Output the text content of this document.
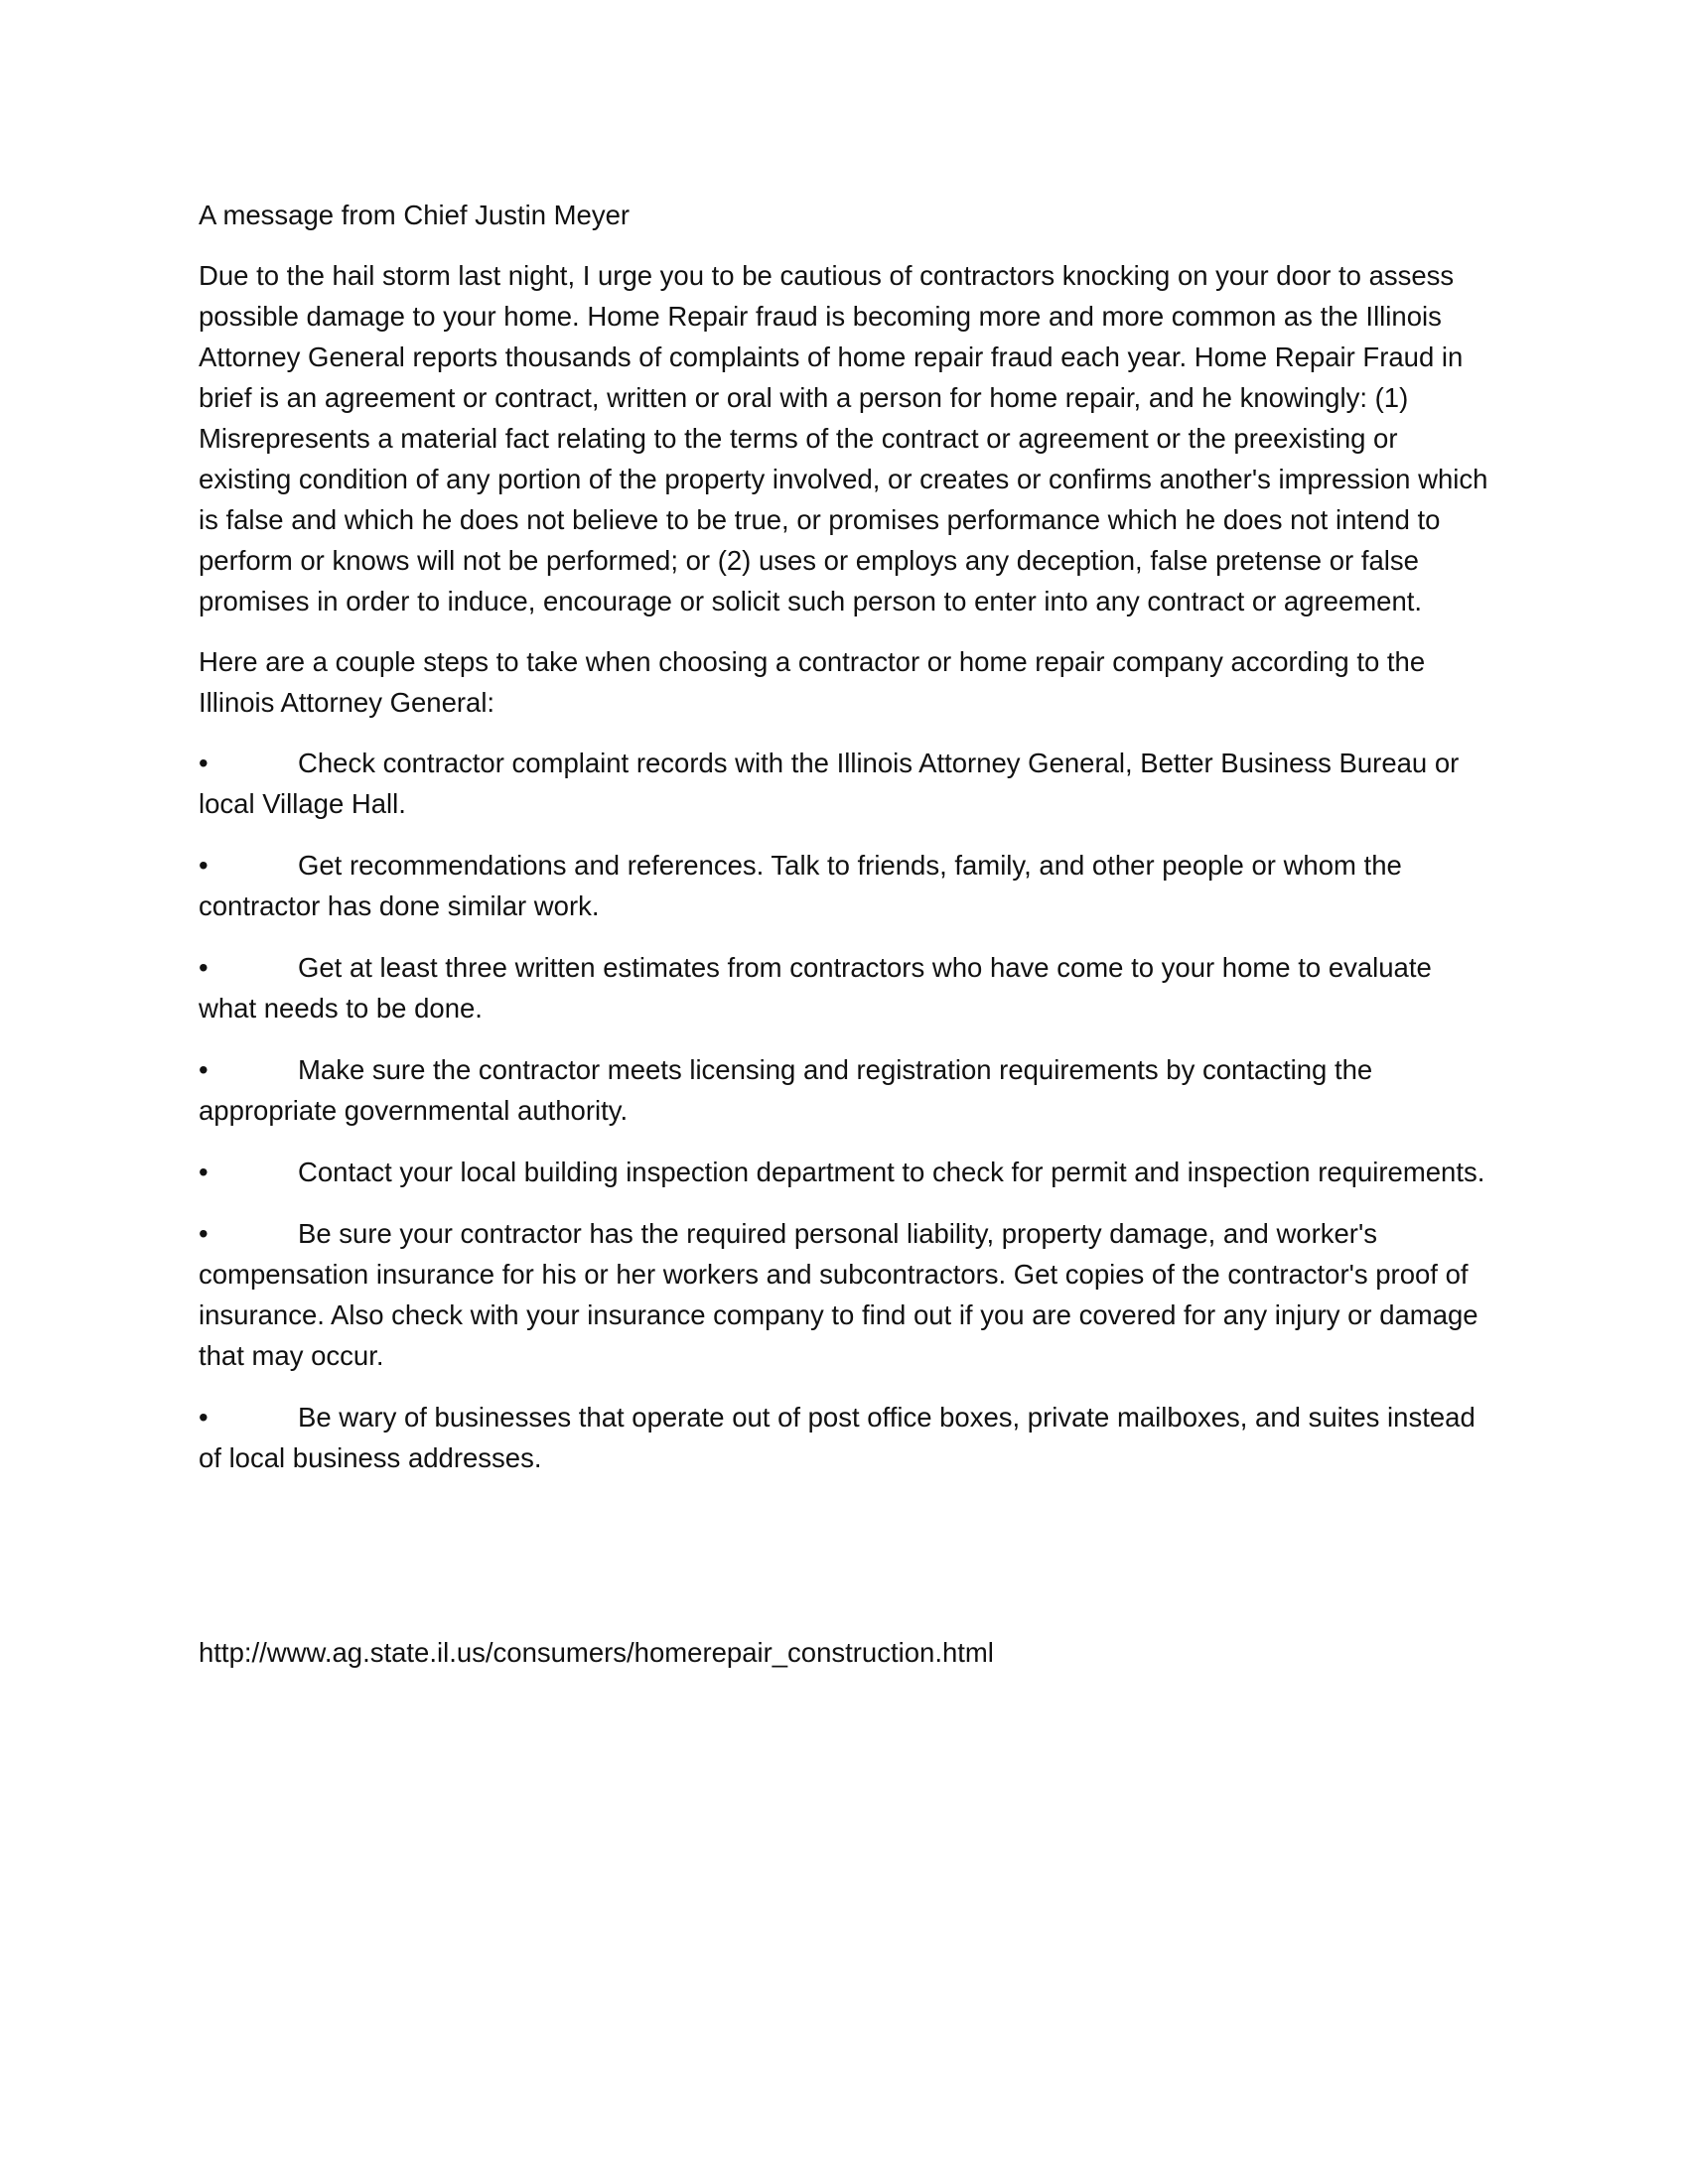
A message from Chief Justin Meyer

Due to the hail storm last night, I urge you to be cautious of contractors knocking on your door to assess possible damage to your home. Home Repair fraud is becoming more and more common as the Illinois Attorney General reports thousands of complaints of home repair fraud each year. Home Repair Fraud in brief is an agreement or contract, written or oral with a person for home repair, and he knowingly: (1) Misrepresents a material fact relating to the terms of the contract or agreement or the preexisting or existing condition of any portion of the property involved, or creates or confirms another's impression which is false and which he does not believe to be true, or promises performance which he does not intend to perform or knows will not be performed; or (2) uses or employs any deception, false pretense or false promises in order to induce, encourage or solicit such person to enter into any contract or agreement.

Here are a couple steps to take when choosing a contractor or home repair company according to the Illinois Attorney General:

•	Check contractor complaint records with the Illinois Attorney General, Better Business Bureau or local Village Hall.
•	Get recommendations and references. Talk to friends, family, and other people or whom the contractor has done similar work.
•	Get at least three written estimates from contractors who have come to your home to evaluate what needs to be done.
•	Make sure the contractor meets licensing and registration requirements by contacting the appropriate governmental authority.
•	Contact your local building inspection department to check for permit and inspection requirements.
•	Be sure your contractor has the required personal liability, property damage, and worker's compensation insurance for his or her workers and subcontractors. Get copies of the contractor's proof of insurance. Also check with your insurance company to find out if you are covered for any injury or damage that may occur.
•	Be wary of businesses that operate out of post office boxes, private mailboxes, and suites instead of local business addresses.
http://www.ag.state.il.us/consumers/homerepair_construction.html
